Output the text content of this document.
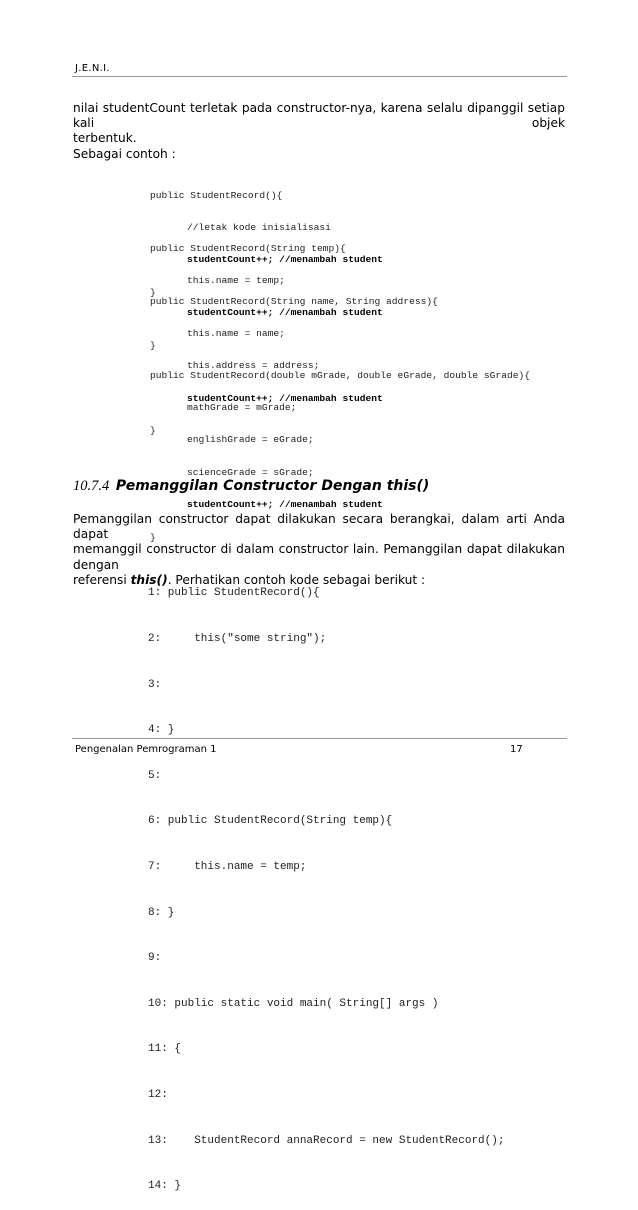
J.E.N.I.

nilai studentCount terletak pada constructor-nya, karena selalu dipanggil setiap kali objek

terbentuk.

Sebagai contoh :

public StudentRecord(){

//letak kode inisialisasi

studentCount++; //menambah student

}

public StudentRecord(String temp){

this.name = temp;

studentCount++; //menambah student

}

public StudentRecord(String name, String address){

this.name = name;

this.address = address;

studentCount++; //menambah student

}

public StudentRecord(double mGrade, double eGrade, double sGrade){

mathGrade = mGrade;

englishGrade = eGrade;

scienceGrade = sGrade;

studentCount++; //menambah student

}

10.7.4 Pemanggilan Constructor Dengan this()
Pemanggilan constructor dapat dilakukan secara berangkai, dalam arti Anda dapat
memanggil constructor di dalam constructor lain. Pemanggilan dapat dilakukan dengan
referensi this(). Perhatikan contoh kode sebagai berikut :

1: public StudentRecord(){

2:     this("some string");

3:

4: }

5:

6: public StudentRecord(String temp){

7:     this.name = temp;

8: }

9:

10: public static void main( String[] args )

11: {

12:

13:    StudentRecord annaRecord = new StudentRecord();

14: }

Pengenalan Pemrograman 1	17
